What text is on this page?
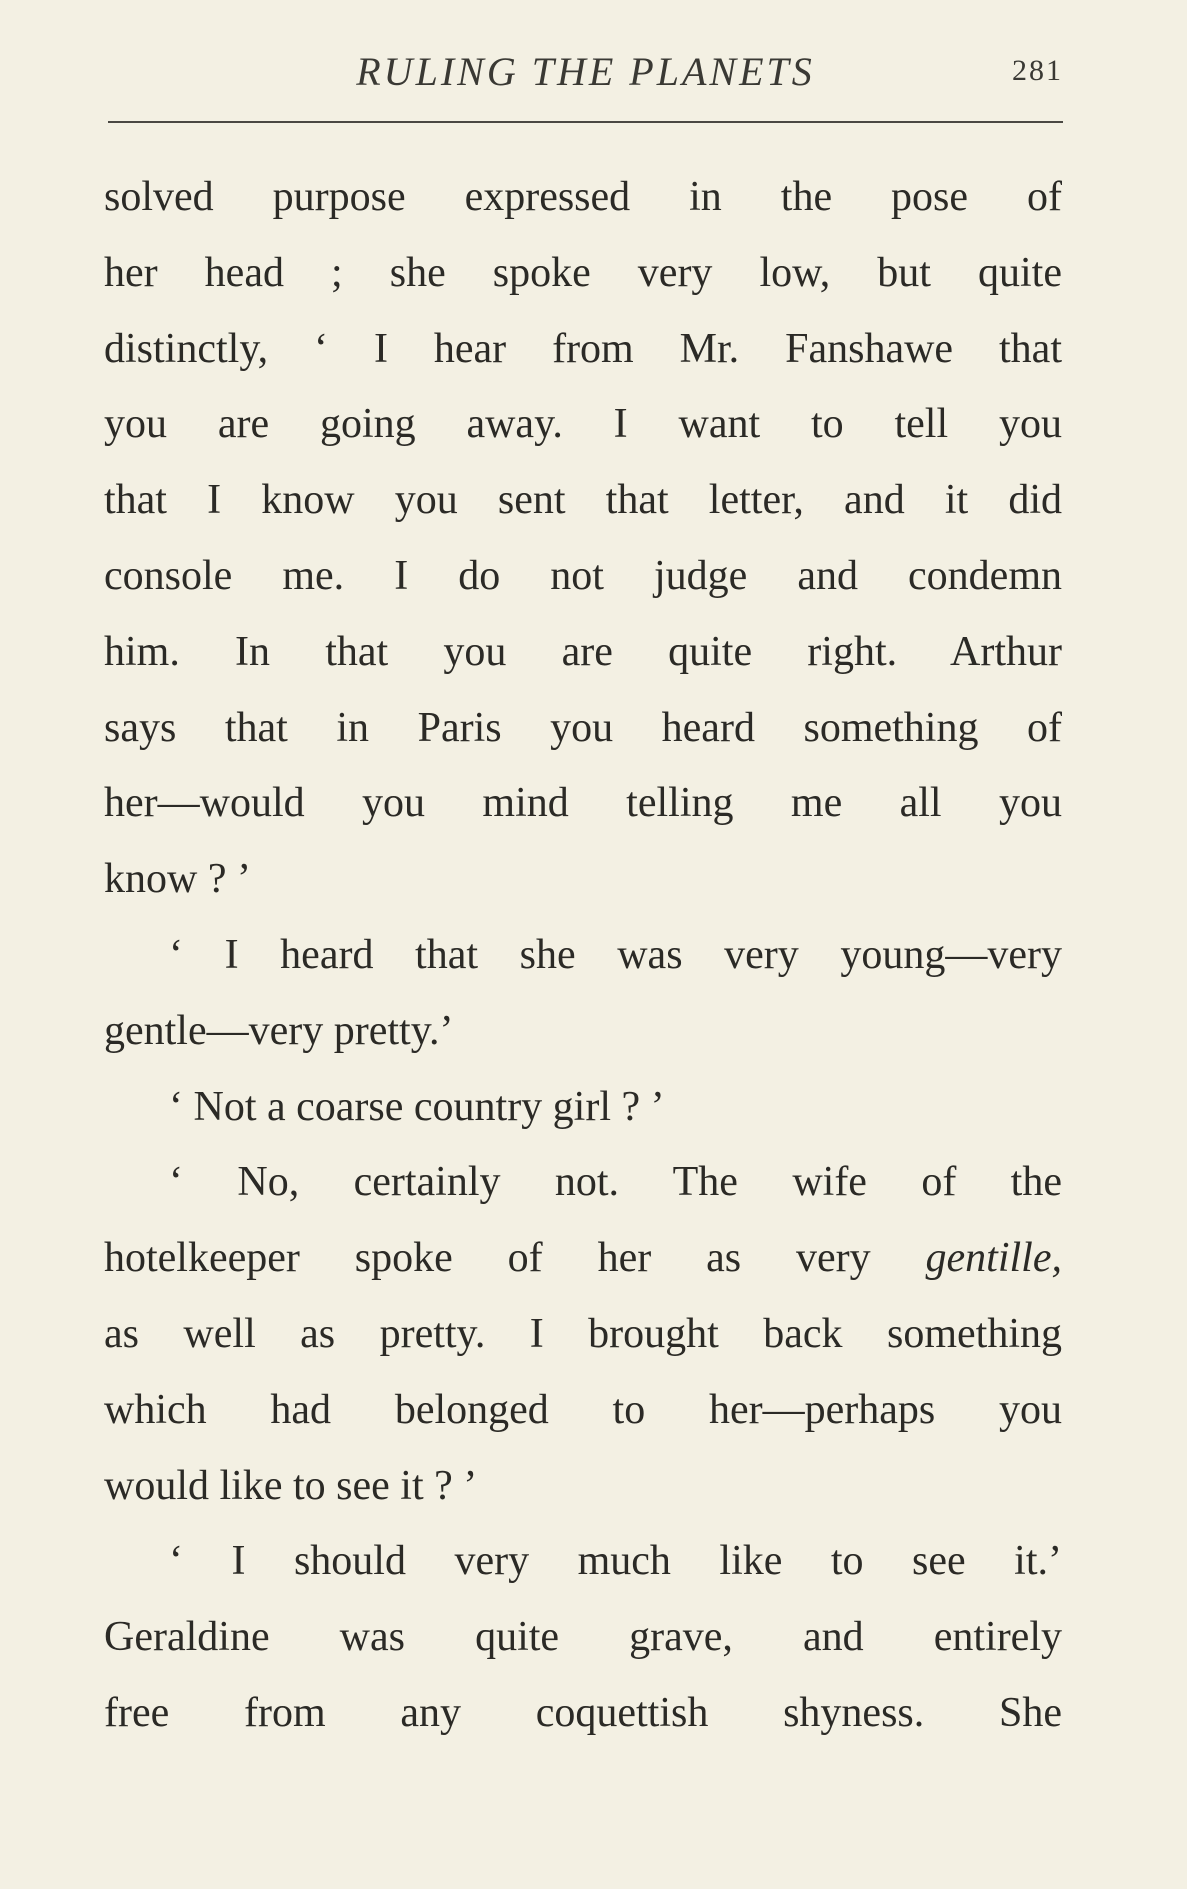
RULING THE PLANETS	281
solved purpose expressed in the pose of
her head ; she spoke very low, but quite
distinctly, ‘ I hear from Mr. Fanshawe that
you are going away. I want to tell you
that I know you sent that letter, and it did
console me. I do not judge and condemn
him. In that you are quite right. Arthur
says that in Paris you heard something of
her—would you mind telling me all you
know ? ’
‘ I heard that she was very young—very
gentle—very pretty.’
‘ Not a coarse country girl ? ’
‘ No, certainly not. The wife of the
hotelkeeper spoke of her as very gentille,
as well as pretty. I brought back something
which had belonged to her—perhaps you
would like to see it ? ’
‘ I should very much like to see it.’
Geraldine was quite grave, and entirely
free from any coquettish shyness. She
